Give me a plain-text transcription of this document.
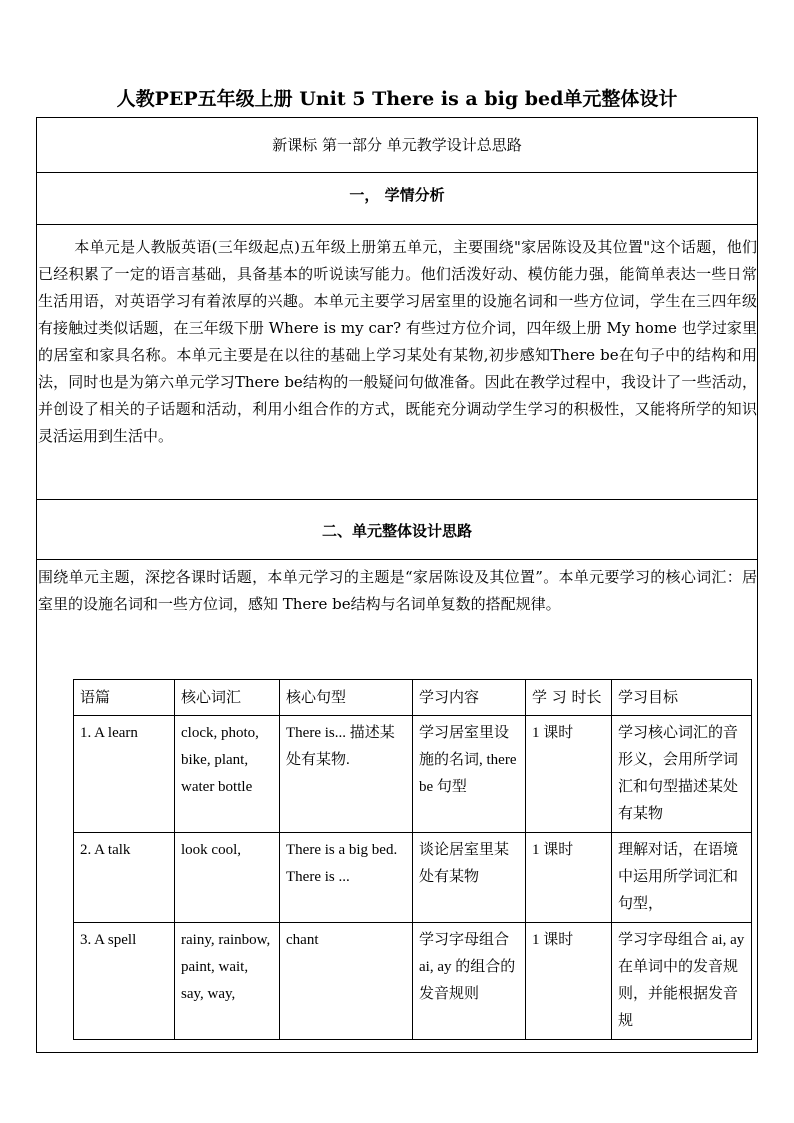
人教PEP五年级上册 Unit 5 There is a big bed单元整体设计
新课标 第一部分 单元教学设计总思路
一， 学情分析

本单元是人教版英语(三年级起点)五年级上册第五单元，主要围绕"家居陈设及其位置"这个话题，他们已经积累了一定的语言基础，具备基本的听说读写能力。他们活泼好动、模仿能力强，能简单表达一些日常生活用语，对英语学习有着浓厚的兴趣。本单元主要学习居室里的设施名词和一些方位词，学生在三四年级有接触过类似话题，在三年级下册 Where is my car? 有些过方位介词，四年级上册 My home 也学过家里的居室和家具名称。本单元主要是在以往的基础上学习某处有某物,初步感知There be在句子中的结构和用法，同时也是为第六单元学习There be结构的一般疑问句做准备。因此在教学过程中，我设计了一些活动，并创设了相关的子话题和活动，利用小组合作的方式，既能充分调动学生学习的积极性，又能将所学的知识灵活运用到生活中。

二、单元整体设计思路

围绕单元主题，深挖各课时话题，本单元学习的主题是“家居陈设及其位置”。本单元要学习的核心词汇：居室里的设施名词和一些方位词，感知 There be结构与名词单复数的搭配规律。

语篇	核心词汇	核心句型	学习内容	学 习 时长	学习目标
1. A learn	clock, photo, bike, plant, water bottle	There is... 描述某处有某物.	学习居室里设施的名词, there be 句型	1 课时	学习核心词汇的音形义，会用所学词汇和句型描述某处有某物
2. A talk	look cool,	There is a big bed. There is ...	谈论居室里某处有某物	1 课时	理解对话，在语境中运用所学词汇和句型，
3. A spell	rainy, rainbow, paint, wait, say, way,	chant	学习字母组合 ai, ay 的组合的发音规则	1 课时	学习字母组合 ai, ay 在单词中的发音规则，并能根据发音规
